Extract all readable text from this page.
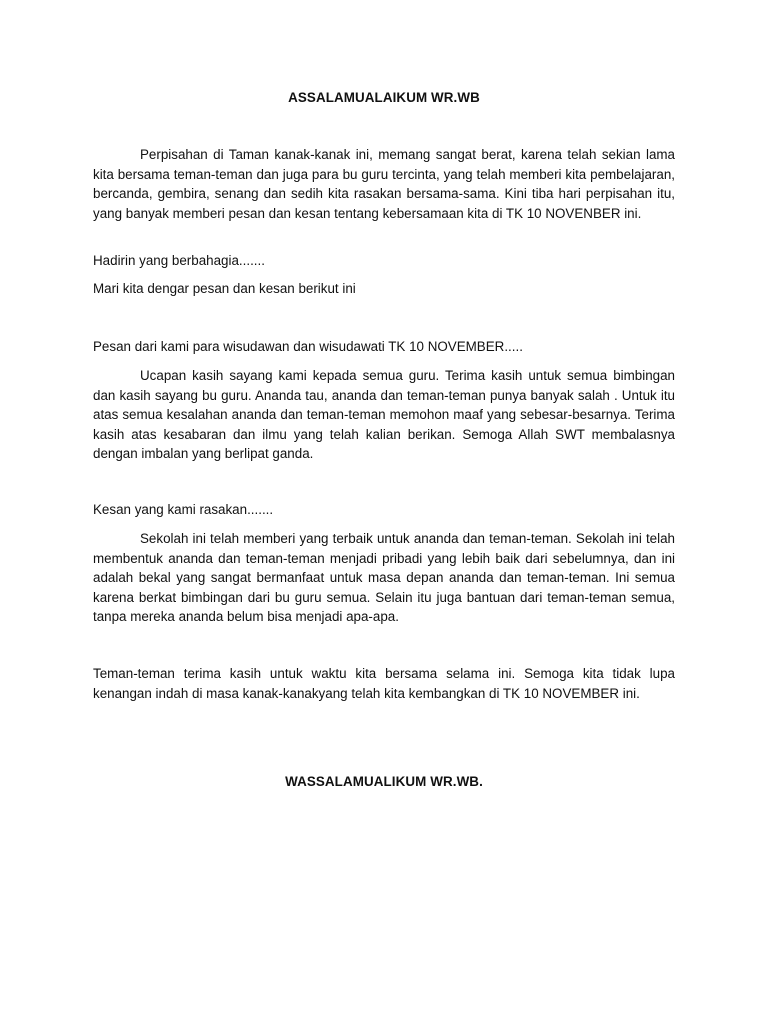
ASSALAMUALAIKUM WR.WB

Perpisahan di Taman kanak-kanak ini, memang sangat berat, karena telah sekian lama kita bersama teman-teman dan juga para bu guru tercinta, yang telah memberi kita pembelajaran, bercanda, gembira, senang dan sedih kita rasakan bersama-sama. Kini tiba hari perpisahan itu, yang banyak memberi pesan dan kesan tentang kebersamaan kita di TK 10 NOVENBER ini.

Hadirin yang berbahagia.......

Mari kita dengar pesan dan kesan berikut ini

Pesan dari kami para wisudawan dan wisudawati TK 10 NOVEMBER.....

Ucapan kasih sayang kami kepada semua guru. Terima kasih untuk semua bimbingan dan kasih sayang bu guru. Ananda tau, ananda dan teman-teman punya banyak salah . Untuk itu atas semua kesalahan ananda dan teman-teman memohon maaf yang sebesar-besarnya. Terima kasih atas kesabaran dan ilmu yang telah kalian berikan. Semoga Allah SWT membalasnya dengan imbalan yang berlipat ganda.

Kesan yang kami rasakan.......

Sekolah ini telah memberi yang terbaik untuk ananda dan teman-teman. Sekolah ini telah membentuk ananda dan teman-teman menjadi pribadi yang lebih baik dari sebelumnya, dan ini adalah bekal yang sangat bermanfaat untuk masa depan ananda dan teman-teman. Ini semua karena berkat bimbingan dari bu guru semua. Selain itu juga bantuan dari teman-teman semua, tanpa mereka ananda belum bisa menjadi apa-apa.

Teman-teman terima kasih untuk waktu kita bersama selama ini. Semoga kita tidak lupa kenangan indah di masa kanak-kanakyang telah kita kembangkan di TK 10 NOVEMBER ini.

WASSALAMUALIKUM WR.WB.
